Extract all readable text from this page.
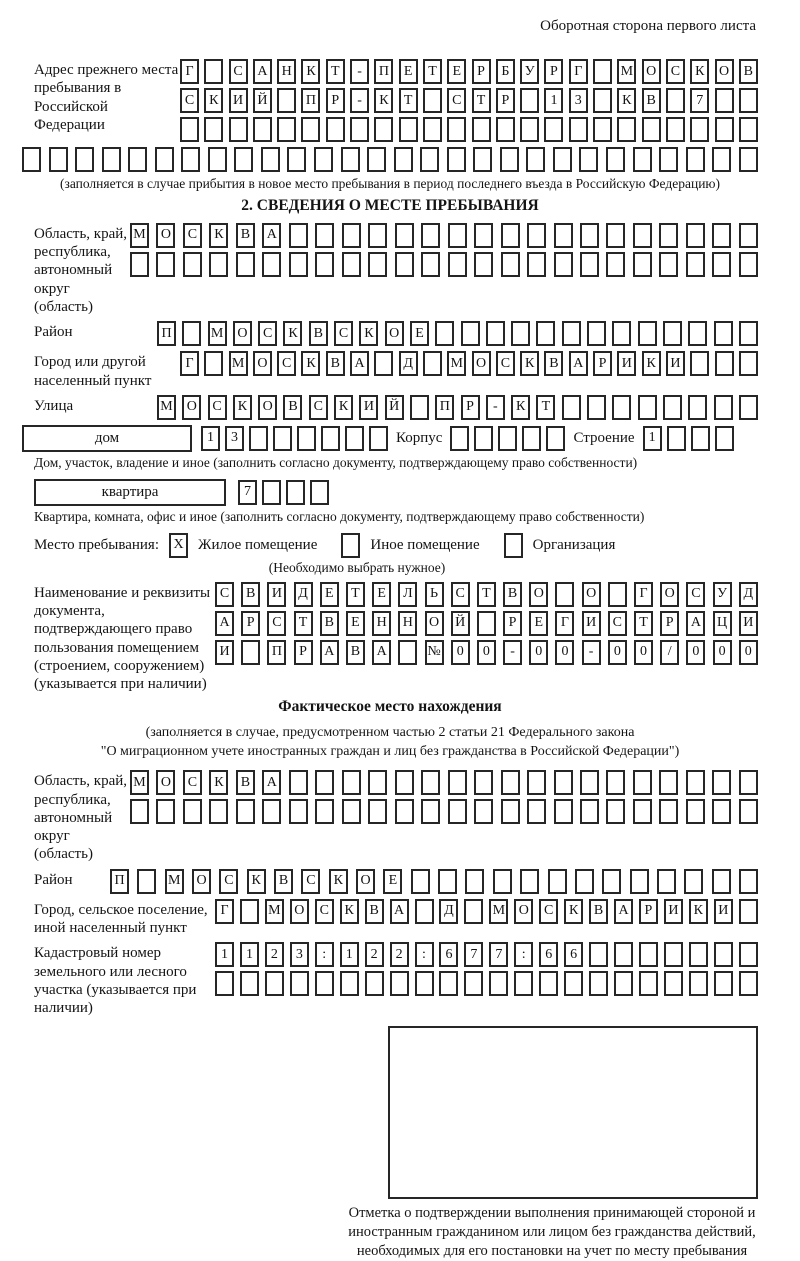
Оборотная сторона первого листа
Адрес прежнего места пребывания в Российской Федерации
Г	С	А	Н	К	Т	-	П	Е	Т	Е	Р	Б	У	Р	Г	М О	С	К	О	В
С	К	И	Й	П	Р	-	К	Т	С	Т	Р	1	3	К	В	7
(заполняется в случае прибытия в новое место пребывания в период последнего въезда в Российскую Федерацию)
2. СВЕДЕНИЯ О МЕСТЕ ПРЕБЫВАНИЯ
Область, край, республика, автономный округ (область)
М	О	С	К	В	А
Район	П	М	О	С	К	В	С	К	О	Е
Город или другой населенный пункт
Г	М О	С	К	В	А	Д	М О	С	К	В	А	Р	И	К	И
Улица	М	О	С	К	О	В	С	К	И	Й	П	Р	-	К	Т
дом	1	3	Корпус	Строение	1
Дом, участок, владение и иное (заполнить согласно документу, подтверждающему право собственности)
квартира	7
Квартира, комната, офис и иное (заполнить согласно документу, подтверждающему право собственности)
Место пребывания:	X Жилое помещение	Иное помещение	Организация
(Необходимо выбрать нужное)
Наименование и реквизиты документа, подтверждающего право пользования помещением (строением, сооружением) (указывается при наличии)
С	В	И	Д	Е	Т	Е	Л	Ь	С	Т	В	О	О	Г	О	С	У	Д
А	Р	С	Т	В	Е	Н	Н	О	Й	Р	Е	Г	И	С	Т	Р	А	Ц	И
И	П	Р	А	В	А	№	0	0	-	0	0	-	0	0	/	0	0	0
Фактическое место нахождения
(заполняется в случае, предусмотренном частью 2 статьи 21 Федерального закона
"О миграционном учете иностранных граждан и лиц без гражданства в Российской Федерации")
Область, край, республика, автономный округ (область)
М	О	С	К	В	А
Район	П	М	О	С	К	В	С	К	О	Е
Город, сельское поселение, иной населенный пункт
Г	М О	С	К	В	А	Д	М О	С	К	В	А	Р	И	К	И
Кадастровый номер земельного или лесного участка (указывается при наличии)
1	1	2	3	:	1	2	2	:	6	7	7	:	6	6
Отметка о подтверждении выполнения принимающей стороной и иностранным гражданином или лицом без гражданства действий, необходимых для его постановки на учет по месту пребывания
